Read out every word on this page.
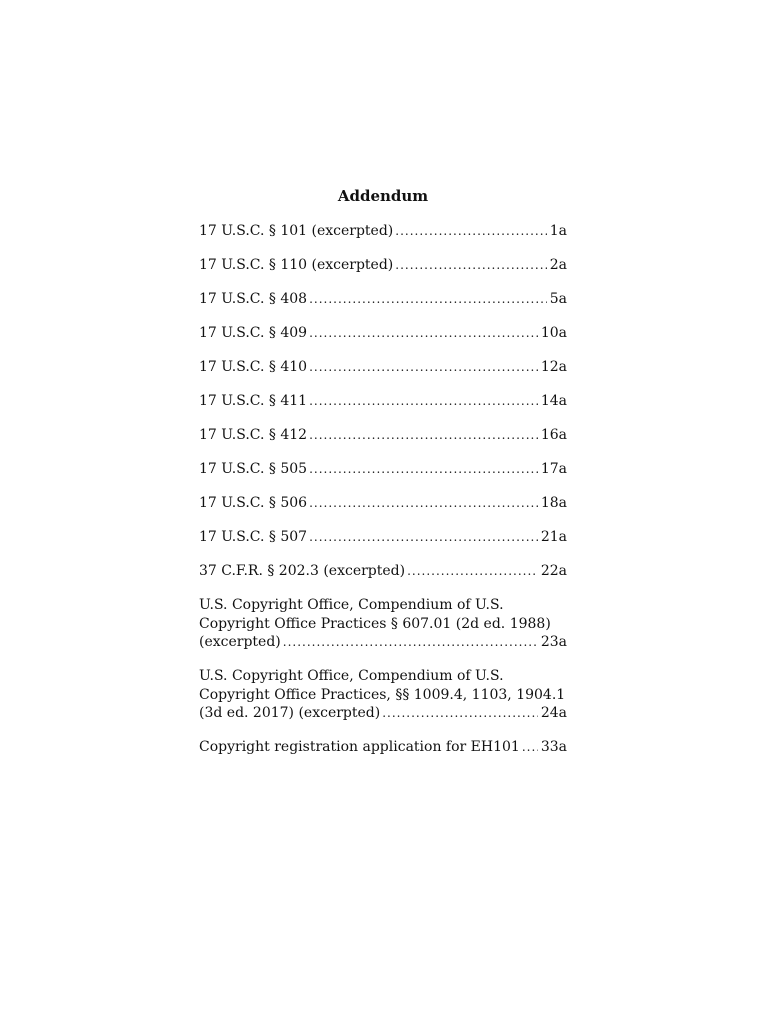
Addendum
17 U.S.C. § 101 (excerpted) .....	1a
17 U.S.C. § 110 (excerpted) .....	2a
17 U.S.C. § 408 .....	5a
17 U.S.C. § 409 .....	10a
17 U.S.C. § 410 .....	12a
17 U.S.C. § 411 .....	14a
17 U.S.C. § 412 .....	16a
17 U.S.C. § 505 .....	17a
17 U.S.C. § 506 .....	18a
17 U.S.C. § 507 .....	21a
37 C.F.R. § 202.3 (excerpted) .....	22a
U.S. Copyright Office, Compendium of U.S.
Copyright Office Practices § 607.01 (2d ed. 1988)
(excerpted) .....	23a
U.S. Copyright Office, Compendium of U.S.
Copyright Office Practices, §§ 1009.4, 1103, 1904.1
(3d ed. 2017) (excerpted) .....	24a
Copyright registration application for EH101 ..... 33a
